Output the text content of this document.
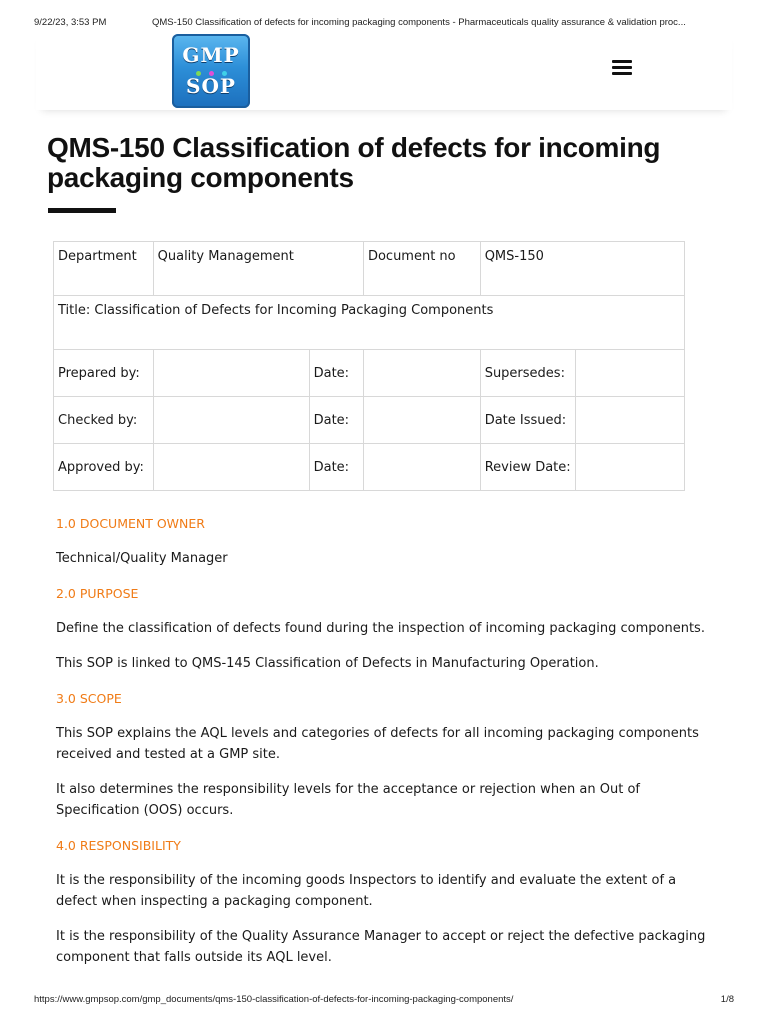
9/22/23, 3:53 PM	QMS-150 Classification of defects for incoming packaging components - Pharmaceuticals quality assurance & validation proc...
GMP
SOP
QMS-150 Classification of defects for incoming packaging components
Department	Quality Management		Document no	QMS-150	
Title: Classification of Defects for Incoming Packaging Components					
Prepared by:		Date:		Supersedes:	
Checked by:		Date:		Date Issued:	
Approved by:		Date:		Review Date:	
1.0 DOCUMENT OWNER

Technical/Quality Manager

2.0 PURPOSE

Define the classification of defects found during the inspection of incoming packaging components.

This SOP is linked to QMS-145 Classification of Defects in Manufacturing Operation.

3.0 SCOPE

This SOP explains the AQL levels and categories of defects for all incoming packaging components received and tested at a GMP site.

It also determines the responsibility levels for the acceptance or rejection when an Out of Specification (OOS) occurs.

4.0 RESPONSIBILITY

It is the responsibility of the incoming goods Inspectors to identify and evaluate the extent of a defect when inspecting a packaging component.

It is the responsibility of the Quality Assurance Manager to accept or reject the defective packaging component that falls outside its AQL level.

https://www.gmpsop.com/gmp_documents/qms-150-classification-of-defects-for-incoming-packaging-components/	1/8
